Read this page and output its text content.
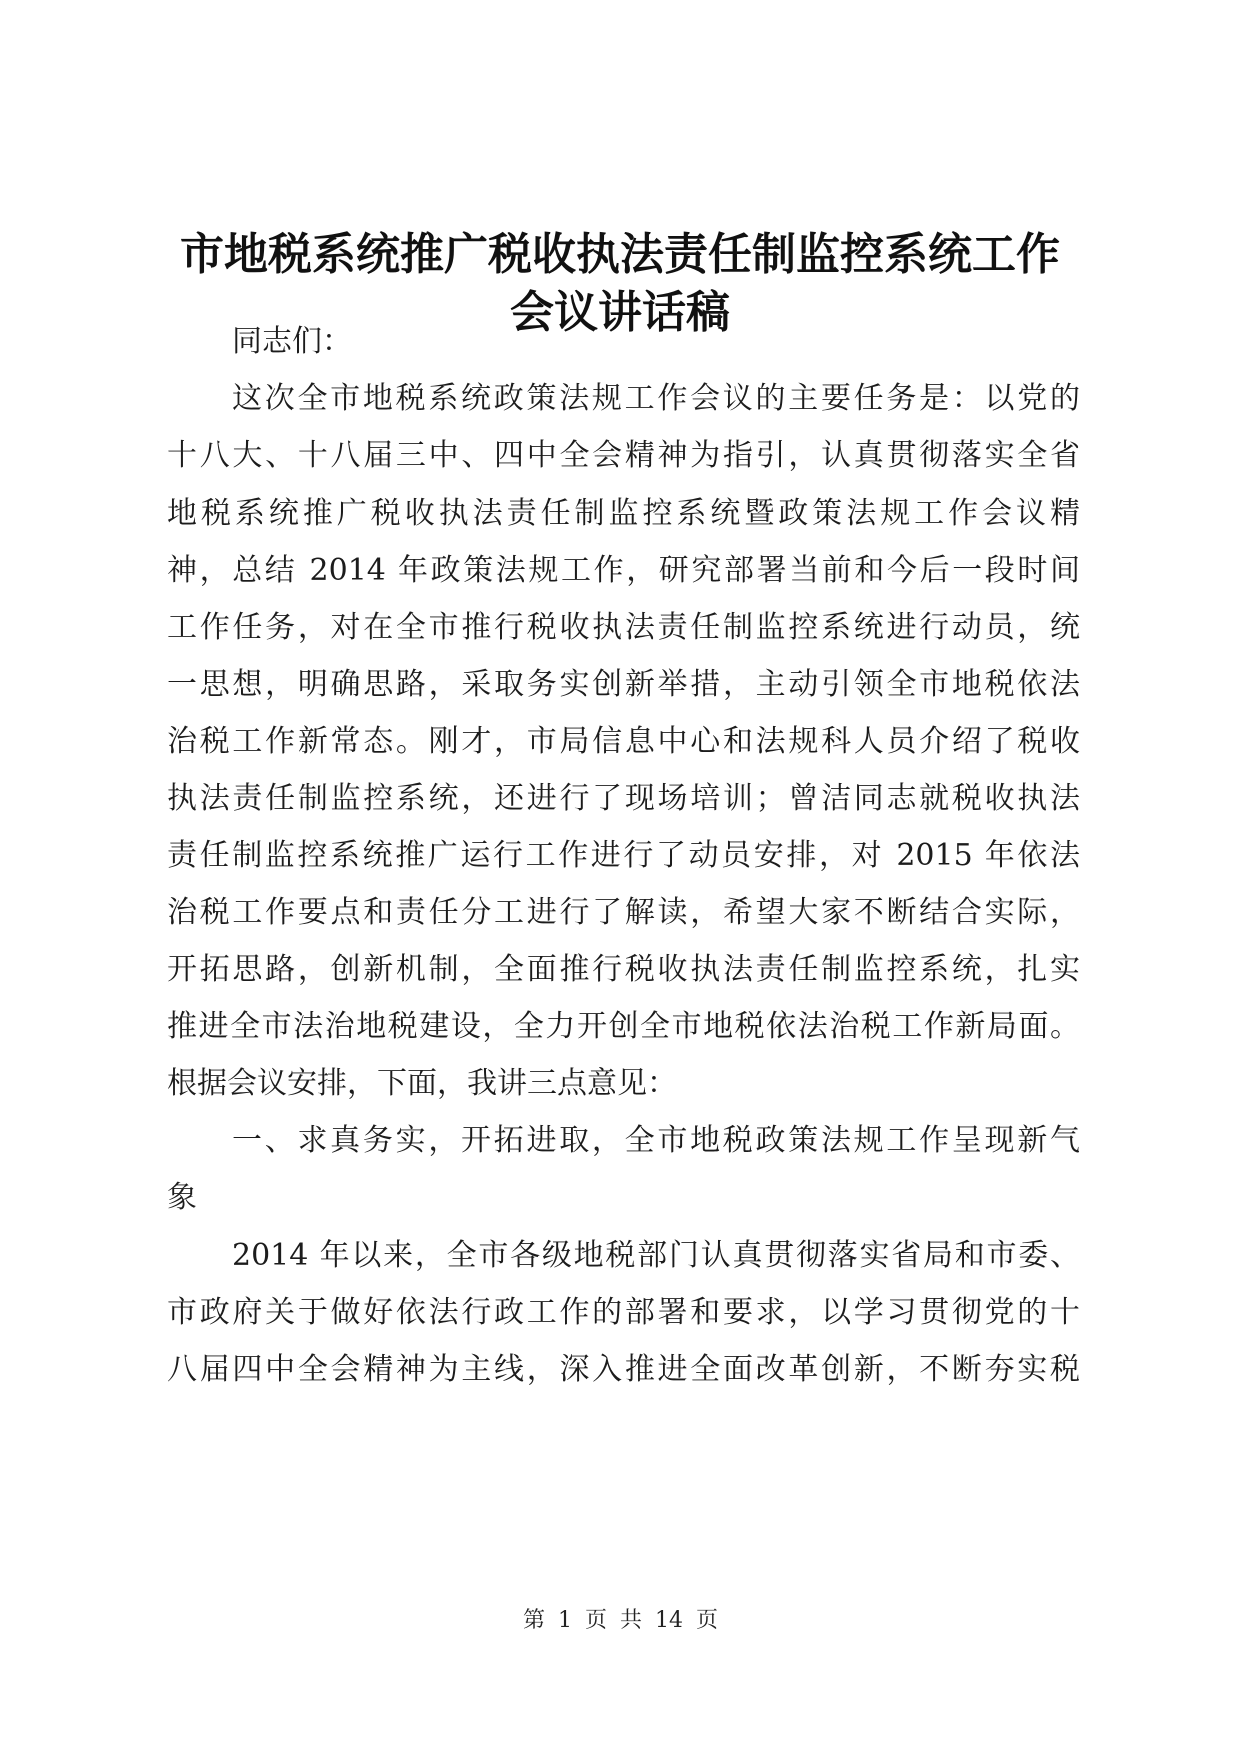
市地税系统推广税收执法责任制监控系统工作
会议讲话稿
同志们：
这次全市地税系统政策法规工作会议的主要任务是：以党的
十八大、十八届三中、四中全会精神为指引，认真贯彻落实全省
地税系统推广税收执法责任制监控系统暨政策法规工作会议精
神，总结 2014 年政策法规工作，研究部署当前和今后一段时间
工作任务，对在全市推行税收执法责任制监控系统进行动员，统
一思想，明确思路，采取务实创新举措，主动引领全市地税依法
治税工作新常态。刚才，市局信息中心和法规科人员介绍了税收
执法责任制监控系统，还进行了现场培训；曾洁同志就税收执法
责任制监控系统推广运行工作进行了动员安排，对 2015 年依法
治税工作要点和责任分工进行了解读，希望大家不断结合实际，
开拓思路，创新机制，全面推行税收执法责任制监控系统，扎实
推进全市法治地税建设，全力开创全市地税依法治税工作新局面。
根据会议安排，下面，我讲三点意见：
一、求真务实，开拓进取，全市地税政策法规工作呈现新气
象
2014 年以来，全市各级地税部门认真贯彻落实省局和市委、
市政府关于做好依法行政工作的部署和要求，以学习贯彻党的十
八届四中全会精神为主线，深入推进全面改革创新，不断夯实税
第 1 页 共 14 页
